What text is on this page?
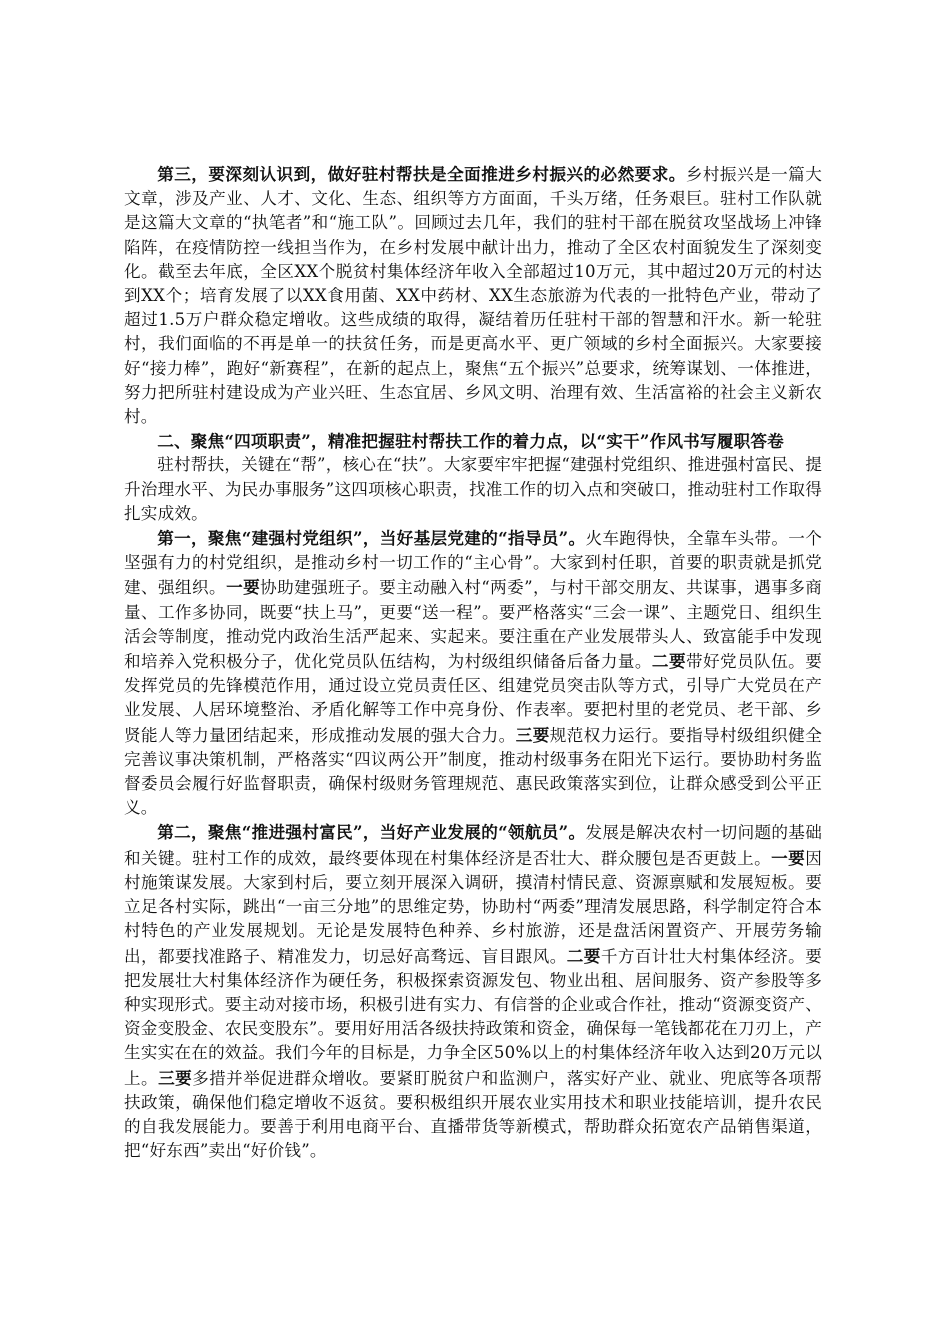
第三，要深刻认识到，做好驻村帮扶是全面推进乡村振兴的必然要求。乡村振兴是一篇大文章，涉及产业、人才、文化、生态、组织等方方面面，千头万绪，任务艰巨。驻村工作队就是这篇大文章的“执笔者”和“施工队”。回顾过去几年，我们的驻村干部在脱贫攻坚战场上冲锋陷阵，在疫情防控一线担当作为，在乡村发展中献计出力，推动了全区农村面貌发生了深刻变化。截至去年底，全区XX个脱贫村集体经济年收入全部超过10万元，其中超过20万元的村达到XX个；培育发展了以XX食用菌、XX中药材、XX生态旅游为代表的一批特色产业，带动了超过1.5万户群众稳定增收。这些成绩的取得，凝结着历任驻村干部的智慧和汗水。新一轮驻村，我们面临的不再是单一的扶贫任务，而是更高水平、更广领域的乡村全面振兴。大家要接好“接力棒”，跑好“新赛程”，在新的起点上，聚焦“五个振兴”总要求，统筹谋划、一体推进，努力把所驻村建设成为产业兴旺、生态宜居、乡风文明、治理有效、生活富裕的社会主义新农村。

二、聚焦“四项职责”，精准把握驻村帮扶工作的着力点，以“实干”作风书写履职答卷

驻村帮扶，关键在“帮”，核心在“扶”。大家要牢牢把握“建强村党组织、推进强村富民、提升治理水平、为民办事服务”这四项核心职责，找准工作的切入点和突破口，推动驻村工作取得扎实成效。

第一，聚焦“建强村党组织”，当好基层党建的“指导员”。火车跑得快，全靠车头带。一个坚强有力的村党组织，是推动乡村一切工作的“主心骨”。大家到村任职，首要的职责就是抓党建、强组织。一要协助建强班子。要主动融入村“两委”，与村干部交朋友、共谋事，遇事多商量、工作多协同，既要“扶上马”，更要“送一程”。要严格落实“三会一课”、主题党日、组织生活会等制度，推动党内政治生活严起来、实起来。要注重在产业发展带头人、致富能手中发现和培养入党积极分子，优化党员队伍结构，为村级组织储备后备力量。二要带好党员队伍。要发挥党员的先锋模范作用，通过设立党员责任区、组建党员突击队等方式，引导广大党员在产业发展、人居环境整治、矛盾化解等工作中亮身份、作表率。要把村里的老党员、老干部、乡贤能人等力量团结起来，形成推动发展的强大合力。三要规范权力运行。要指导村级组织健全完善议事决策机制，严格落实“四议两公开”制度，推动村级事务在阳光下运行。要协助村务监督委员会履行好监督职责，确保村级财务管理规范、惠民政策落实到位，让群众感受到公平正义。

第二，聚焦“推进强村富民”，当好产业发展的“领航员”。发展是解决农村一切问题的基础和关键。驻村工作的成效，最终要体现在村集体经济是否壮大、群众腰包是否更鼓上。一要因村施策谋发展。大家到村后，要立刻开展深入调研，摸清村情民意、资源禀赋和发展短板。要立足各村实际，跳出“一亩三分地”的思维定势，协助村“两委”理清发展思路，科学制定符合本村特色的产业发展规划。无论是发展特色种养、乡村旅游，还是盘活闲置资产、开展劳务输出，都要找准路子、精准发力，切忌好高骛远、盲目跟风。二要千方百计壮大村集体经济。要把发展壮大村集体经济作为硬任务，积极探索资源发包、物业出租、居间服务、资产参股等多种实现形式。要主动对接市场，积极引进有实力、有信誉的企业或合作社，推动“资源变资产、资金变股金、农民变股东”。要用好用活各级扶持政策和资金，确保每一笔钱都花在刀刃上，产生实实在在的效益。我们今年的目标是，力争全区50%以上的村集体经济年收入达到20万元以上。三要多措并举促进群众增收。要紧盯脱贫户和监测户，落实好产业、就业、兜底等各项帮扶政策，确保他们稳定增收不返贫。要积极组织开展农业实用技术和职业技能培训，提升农民的自我发展能力。要善于利用电商平台、直播带货等新模式，帮助群众拓宽农产品销售渠道，把“好东西”卖出“好价钱”。
